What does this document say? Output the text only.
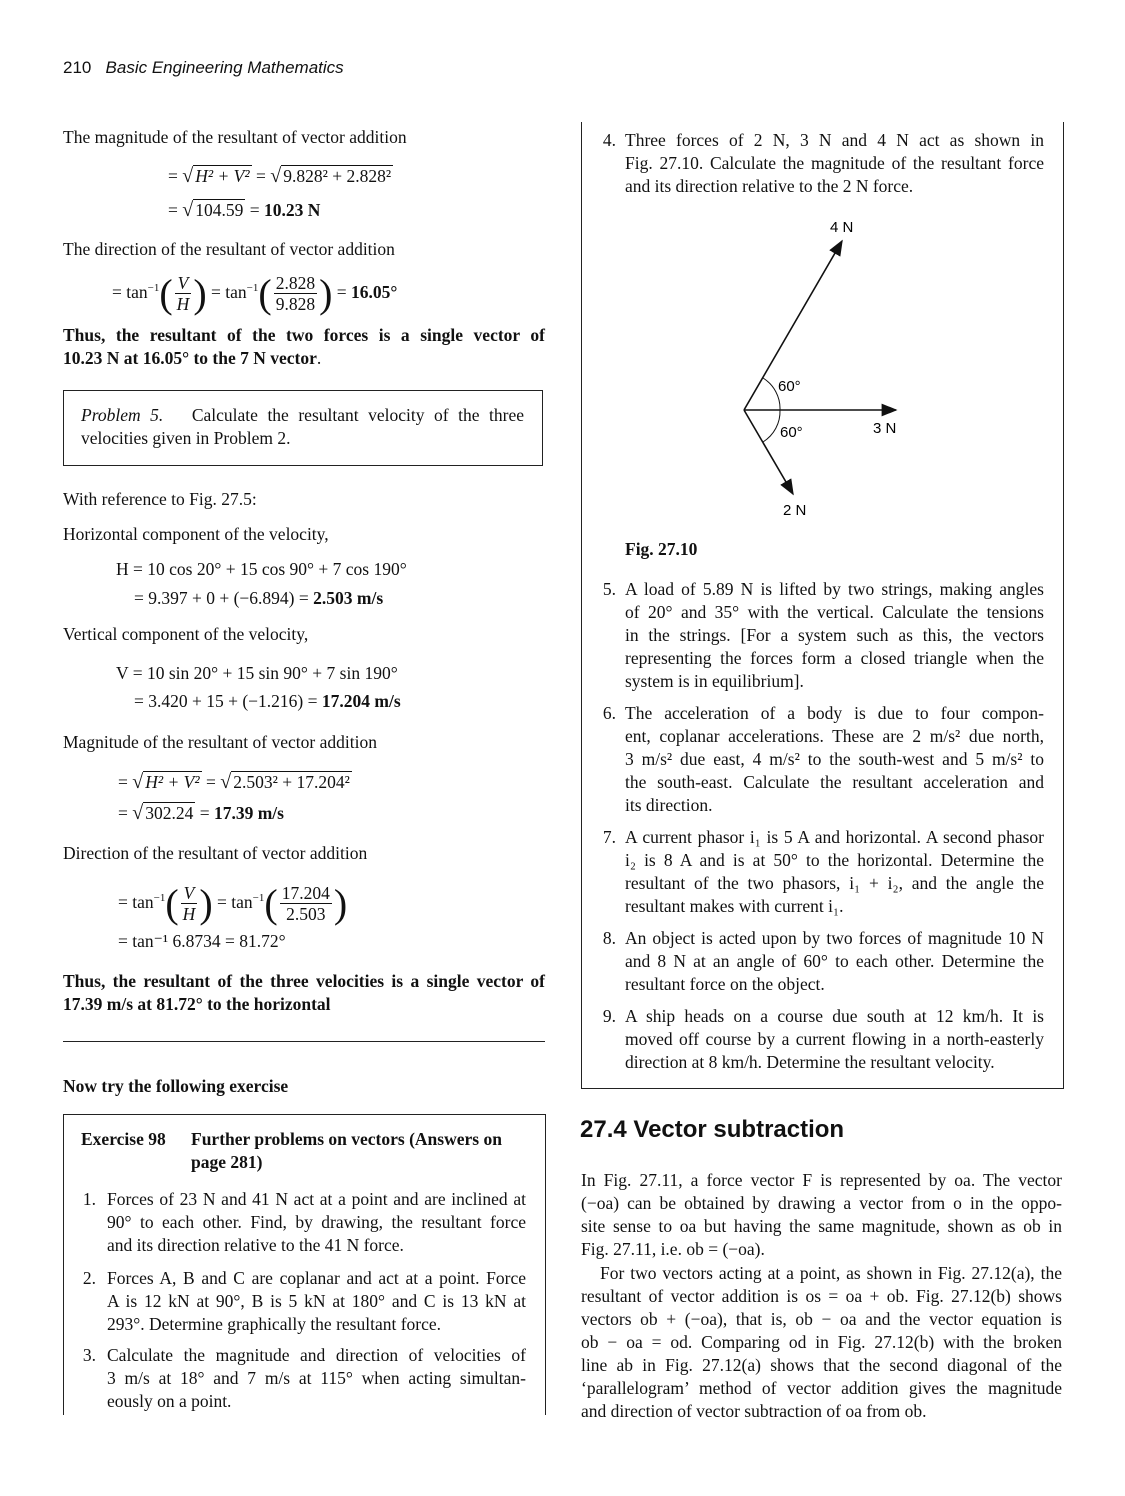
210 Basic Engineering Mathematics
The magnitude of the resultant of vector addition
= √ H² + V² = √ 9.828² + 2.828²
= √ 104.59 = 10.23 N
The direction of the resultant of vector addition
= $\tan^{-1}( \frac{V}{H}$ ) = $\tan^{-1}( \frac{2.828}{9.828}$ ) = 16.05°
Thus, the resultant of the two forces is a single vector of
10.23 N at 16.05° to the 7 N vector.
Problem 5. Calculate the resultant velocity of the three
velocities given in Problem 2.
With reference to Fig. 27.5:
Horizontal component of the velocity,
H = 10 cos 20° + 15 cos 90° + 7 cos 190°
= 9.397 + 0 + (−6.894) = 2.503 m/s
Vertical component of the velocity,
V = 10 sin 20° + 15 sin 90° + 7 sin 190°
= 3.420 + 15 + (−1.216) = 17.204 m/s
Magnitude of the resultant of vector addition
= √ H² + V² = √ 2.503² + 17.204²
= √ 302.24 = 17.39 m/s
Direction of the resultant of vector addition
= $\tan^{-1}( \frac{V}{H}$ ) = $\tan^{-1}( \frac{17.204}{2.503}$ )
= tan⁻¹ 6.8734 = 81.72°
Thus, the resultant of the three velocities is a single vector of
17.39 m/s at 81.72° to the horizontal
Now try the following exercise
Exercise 98 Further problems on vectors (Answers on
page 281)
1. Forces of 23 N and 41 N act at a point and are inclined at
90° to each other. Find, by drawing, the resultant force
and its direction relative to the 41 N force.
2. Forces A, B and C are coplanar and act at a point. Force
A is 12 kN at 90°, B is 5 kN at 180° and C is 13 kN at
293°. Determine graphically the resultant force.
3. Calculate the magnitude and direction of velocities of
3 m/s at 18° and 7 m/s at 115° when acting simultan-
eously on a point.
4. Three forces of 2 N, 3 N and 4 N act as shown in
Fig. 27.10. Calculate the magnitude of the resultant force
and its direction relative to the 2 N force.
4 N
3 N
2 N
60°
60°
Fig. 27.10
5. A load of 5.89 N is lifted by two strings, making angles
of 20° and 35° with the vertical. Calculate the tensions
in the strings. [For a system such as this, the vectors
representing the forces form a closed triangle when the
system is in equilibrium].
6. The acceleration of a body is due to four compon-
ent, coplanar accelerations. These are 2 m/s² due north,
3 m/s² due east, 4 m/s² to the south-west and 5 m/s² to
the south-east. Calculate the resultant acceleration and
its direction.
7. A current phasor i₁ is 5 A and horizontal. A second phasor
i₂ is 8 A and is at 50° to the horizontal. Determine the
resultant of the two phasors, i₁ + i₂, and the angle the
resultant makes with current i₁.
8. An object is acted upon by two forces of magnitude 10 N
and 8 N at an angle of 60° to each other. Determine the
resultant force on the object.
9. A ship heads on a course due south at 12 km/h. It is
moved off course by a current flowing in a north-easterly
direction at 8 km/h. Determine the resultant velocity.
27.4 Vector subtraction
In Fig. 27.11, a force vector F is represented by oa. The vector
(−oa) can be obtained by drawing a vector from o in the oppo-
site sense to oa but having the same magnitude, shown as ob in
Fig. 27.11, i.e. ob = (−oa).
For two vectors acting at a point, as shown in Fig. 27.12(a), the
resultant of vector addition is os = oa + ob. Fig. 27.12(b) shows
vectors ob + (−oa), that is, ob − oa and the vector equation is
ob − oa = od. Comparing od in Fig. 27.12(b) with the broken
line ab in Fig. 27.12(a) shows that the second diagonal of the
‘parallelogram’ method of vector addition gives the magnitude
and direction of vector subtraction of oa from ob.
